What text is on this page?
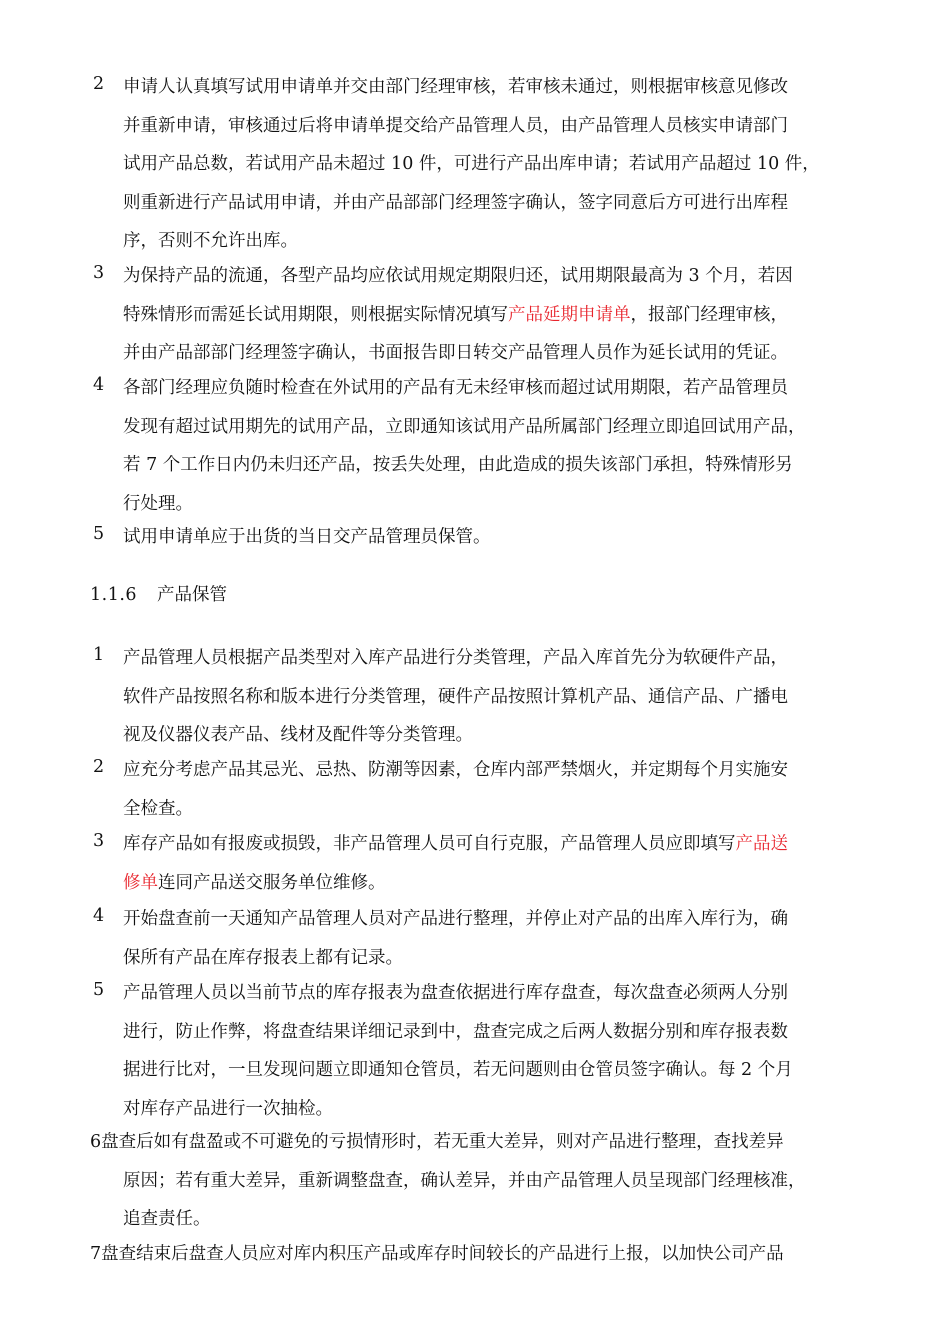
2	申请人认真填写试用申请单并交由部门经理审核，若审核未通过，则根据审核意见修改
并重新申请，审核通过后将申请单提交给产品管理人员，由产品管理人员核实申请部门
试用产品总数，若试用产品未超过 10 件，可进行产品出库申请；若试用产品超过 10 件，
则重新进行产品试用申请，并由产品部部门经理签字确认，签字同意后方可进行出库程
序，否则不允许出库。
3	为保持产品的流通，各型产品均应依试用规定期限归还，试用期限最高为 3 个月，若因
特殊情形而需延长试用期限，则根据实际情况填写产品延期申请单，报部门经理审核，
并由产品部部门经理签字确认，书面报告即日转交产品管理人员作为延长试用的凭证。
4	各部门经理应负随时检查在外试用的产品有无未经审核而超过试用期限，若产品管理员
发现有超过试用期先的试用产品，立即通知该试用产品所属部门经理立即追回试用产品，
若 7 个工作日内仍未归还产品，按丢失处理，由此造成的损失该部门承担，特殊情形另
行处理。
5	试用申请单应于出货的当日交产品管理员保管。
1.1.6 产品保管
1	产品管理人员根据产品类型对入库产品进行分类管理，产品入库首先分为软硬件产品，
软件产品按照名称和版本进行分类管理，硬件产品按照计算机产品、通信产品、广播电
视及仪器仪表产品、线材及配件等分类管理。
2	应充分考虑产品其忌光、忌热、防潮等因素，仓库内部严禁烟火，并定期每个月实施安
全检查。
3	库存产品如有报废或损毁，非产品管理人员可自行克服，产品管理人员应即填写产品送
修单连同产品送交服务单位维修。
4	开始盘查前一天通知产品管理人员对产品进行整理，并停止对产品的出库入库行为，确
保所有产品在库存报表上都有记录。
5	产品管理人员以当前节点的库存报表为盘查依据进行库存盘查，每次盘查必须两人分别
进行，防止作弊，将盘查结果详细记录到中，盘查完成之后两人数据分别和库存报表数
据进行比对，一旦发现问题立即通知仓管员，若无问题则由仓管员签字确认。每 2 个月
对库存产品进行一次抽检。
6盘查后如有盘盈或不可避免的亏损情形时，若无重大差异，则对产品进行整理，查找差异
原因；若有重大差异，重新调整盘查，确认差异，并由产品管理人员呈现部门经理核准，
追查责任。
7盘查结束后盘查人员应对库内积压产品或库存时间较长的产品进行上报，以加快公司产品
